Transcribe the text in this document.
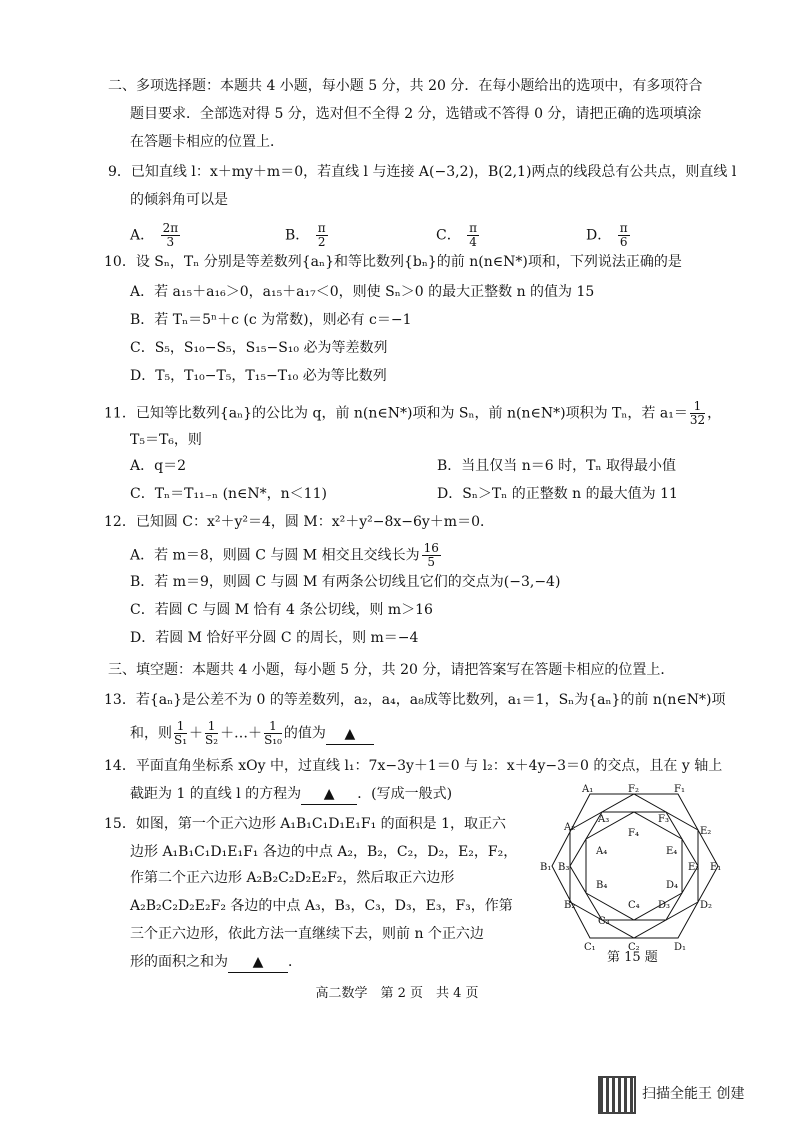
二、多项选择题：本题共 4 小题，每小题 5 分，共 20 分．在每小题给出的选项中，有多项符合
题目要求．全部选对得 5 分，选对但不全得 2 分，选错或不答得 0 分，请把正确的选项填涂
在答题卡相应的位置上．
9．已知直线 l：x＋my＋m＝0，若直线 l 与连接 A(−3,2)，B(2,1)两点的线段总有公共点，则直线 l
的倾斜角可以是
A． $\frac{2\pi}{3}$	B． $\frac{\pi}{2}$	C． $\frac{\pi}{4}$	D． $\frac{\pi}{6}$
10．设 Sₙ，Tₙ 分别是等差数列{aₙ}和等比数列{bₙ}的前 n(n∈N*)项和，下列说法正确的是
A．若 a₁₅＋a₁₆＞0，a₁₅＋a₁₇＜0，则使 Sₙ＞0 的最大正整数 n 的值为 15
B．若 Tₙ＝5ⁿ＋c (c 为常数)，则必有 c＝−1
C．S₅，S₁₀−S₅，S₁₅−S₁₀ 必为等差数列
D．T₅，T₁₀−T₅，T₁₅−T₁₀ 必为等比数列
11．已知等比数列{aₙ}的公比为 q，前 n(n∈N*)项和为 Sₙ，前 n(n∈N*)项积为 Tₙ，若 $a_1= \frac{1}{32}$ ，
T₅＝T₆，则
A．q＝2	B．当且仅当 n＝6 时，Tₙ 取得最小值
C．Tₙ＝T₁₁₋ₙ (n∈N*，n＜11)	D．Sₙ＞Tₙ 的正整数 n 的最大值为 11
12．已知圆 C：x²＋y²＝4，圆 M：x²＋y²−8x−6y＋m＝0．
A．若 m＝8，则圆 C 与圆 M 相交且交线长为 $\frac{16}{5}$
B．若 m＝9，则圆 C 与圆 M 有两条公切线且它们的交点为(−3,−4)
C．若圆 C 与圆 M 恰有 4 条公切线，则 m＞16
D．若圆 M 恰好平分圆 C 的周长，则 m＝−4
三、填空题：本题共 4 小题，每小题 5 分，共 20 分，请把答案写在答题卡相应的位置上．
13．若{aₙ}是公差不为 0 的等差数列，a₂，a₄，a₈成等比数列，a₁＝1，Sₙ为{aₙ}的前 n(n∈N*)项
和，则 $\frac{1}{\text{S₁}} + \frac{1}{\text{S₂}}$ ＋…＋ $\frac{1}{\text{S₁₀}}$ 的值为 ▲
14．平面直角坐标系 xOy 中，过直线 l₁：7x−3y＋1＝0 与 l₂：x＋4y−3＝0 的交点，且在 y 轴上
截距为 1 的直线 l 的方程为 ▲ ．(写成一般式)
15．如图，第一个正六边形 A₁B₁C₁D₁E₁F₁ 的面积是 1，取正六
边形 A₁B₁C₁D₁E₁F₁ 各边的中点 A₂，B₂，C₂，D₂，E₂，F₂，
作第二个正六边形 A₂B₂C₂D₂E₂F₂，然后取正六边形
A₂B₂C₂D₂E₂F₂ 各边的中点 A₃，B₃，C₃，D₃，E₃，F₃，作第
三个正六边形，依此方法一直继续下去，则前 n 个正六边
形的面积之和为 ▲ ．
A₁	F₂	F₁
A₃	F₃
A₂
F₄	E₂
A₄	E₄
B₁ B₃	E₃ E₁
B₄	D₄
B₂	C₄ D₃	D₂
C₃
C₁	C₂	D₁
第 15 题
高二数学　第 2 页　共 4 页
扫描全能王 创建
